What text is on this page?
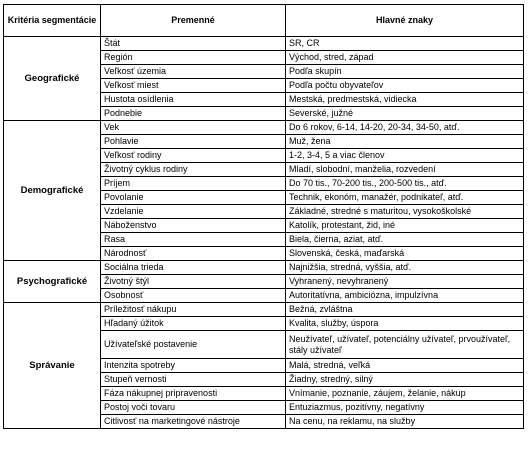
Kritéria segmentácie	Premenné	Hlavné znaky
Geografické	Štát	SR, CR
	Región	Východ, stred, západ
	Veľkosť územia	Podľa skupín
	Veľkosť miest	Podľa počtu obyvateľov
	Hustota osídlenia	Mestská, predmestská, vidiecka
	Podnebie	Severské, južné
Demografické	Vek	Do 6 rokov, 6-14, 14-20, 20-34, 34-50, atď.
	Pohlavie	Muž, žena
	Veľkosť rodiny	1-2, 3-4, 5 a viac členov
	Životný cyklus rodiny	Mladí, slobodní, manželia, rozvedení
	Príjem	Do 70 tis., 70-200 tis., 200-500 tis., atď.
	Povolanie	Technik, ekonóm, manažér, podnikateľ, atď.
	Vzdelanie	Základné, stredné s maturitou, vysokoškolské
	Náboženstvo	Katolík, protestant, žid, iné
	Rasa	Biela, čierna, aziat, atď.
	Národnosť	Slovenská, česká, maďarská
Psychografické	Sociálna trieda	Najnižšia, stredná, vyššia, atď.
	Životný štýl	Vyhranený, nevyhranený
	Osobnosť	Autoritatívna, ambiciózna, impulzívna
Správanie	Príležitosť nákupu	Bežná, zvláštna
	Hľadaný úžitok	Kvalita, služby, úspora
	Užívateľské postavenie	Neužívateľ, užívateľ, potenciálny užívateľ, prvoužívateľ, stály užívateľ
	Intenzita spotreby	Malá, stredná, veľká
	Stupeň vernosti	Žiadny, stredný, silný
	Fáza nákupnej pripravenosti	Vnímanie, poznanie, záujem, želanie, nákup
	Postoj voči tovaru	Entuziazmus, pozitívny, negatívny
	Citlivosť na marketingové nástroje	Na cenu, na reklamu, na služby
